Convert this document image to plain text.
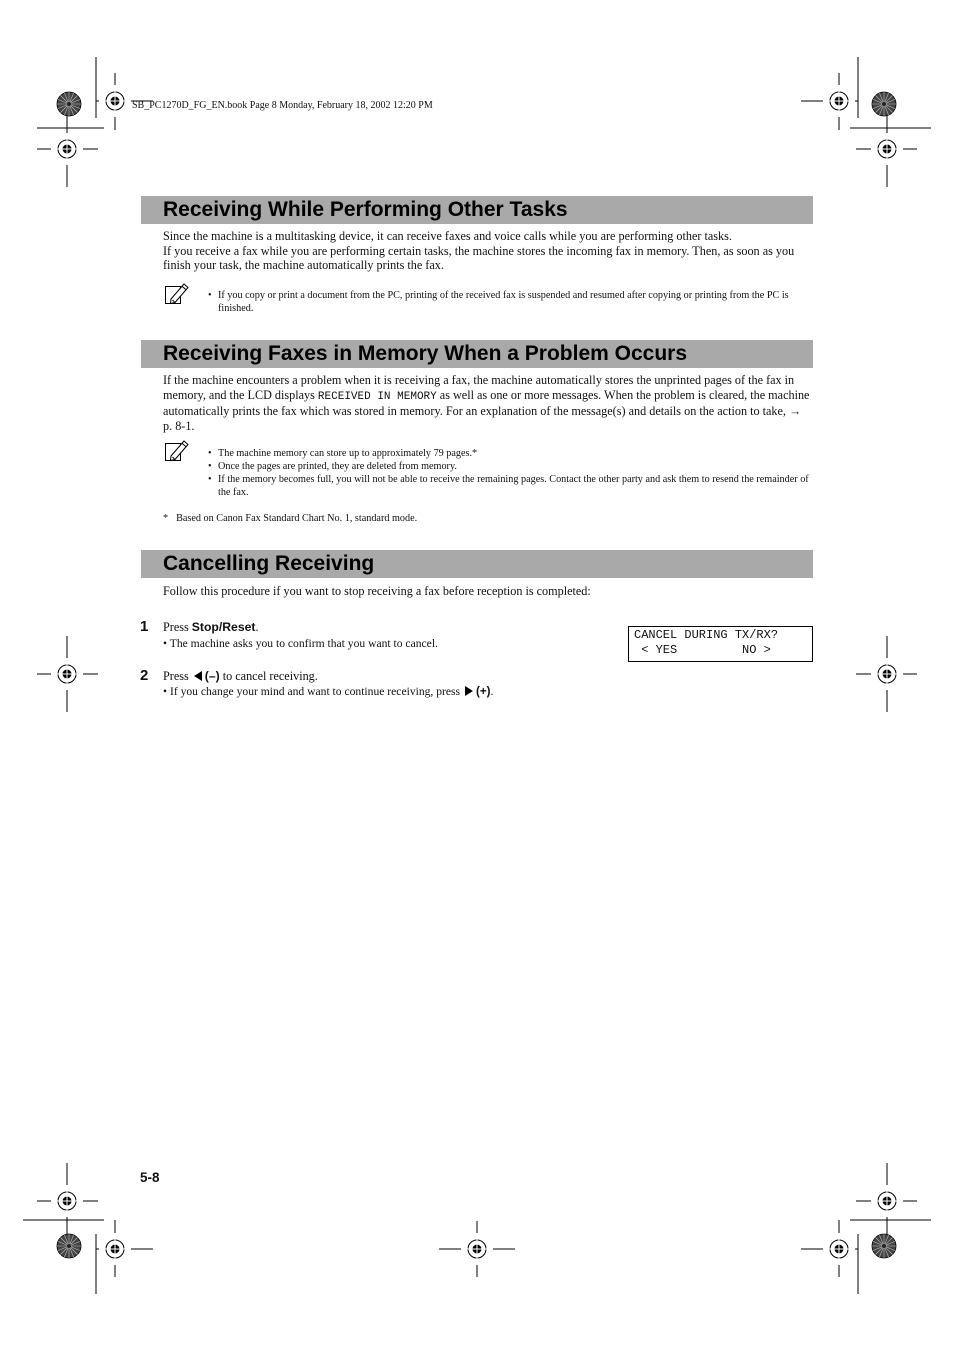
SB_PC1270D_FG_EN.book Page 8 Monday, February 18, 2002 12:20 PM
Receiving While Performing Other Tasks

Since the machine is a multitasking device, it can receive faxes and voice calls while you are performing other tasks.

If you receive a fax while you are performing certain tasks, the machine stores the incoming fax in memory. Then, as soon as you finish your task, the machine automatically prints the fax.

• If you copy or print a document from the PC, printing of the received fax is suspended and resumed after copying or printing from the PC is finished.
Receiving Faxes in Memory When a Problem Occurs

If the machine encounters a problem when it is receiving a fax, the machine automatically stores the unprinted pages of the fax in memory, and the LCD displays RECEIVED IN MEMORY as well as one or more messages. When the problem is cleared, the machine automatically prints the fax which was stored in memory. For an explanation of the message(s) and details on the action to take, → p. 8-1.

• The machine memory can store up to approximately 79 pages.*
• Once the pages are printed, they are deleted from memory.
• If the memory becomes full, you will not be able to receive the remaining pages. Contact the other party and ask them to resend the remainder of the fax.
* Based on Canon Fax Standard Chart No. 1, standard mode.
Cancelling Receiving
Follow this procedure if you want to stop receiving a fax before reception is completed:
1 Press Stop/Reset.
• The machine asks you to confirm that you want to cancel.
CANCEL DURING TX/RX?
< YES         NO >
2 Press (–) to cancel receiving.
• If you change your mind and want to continue receiving, press (+).
5-8
